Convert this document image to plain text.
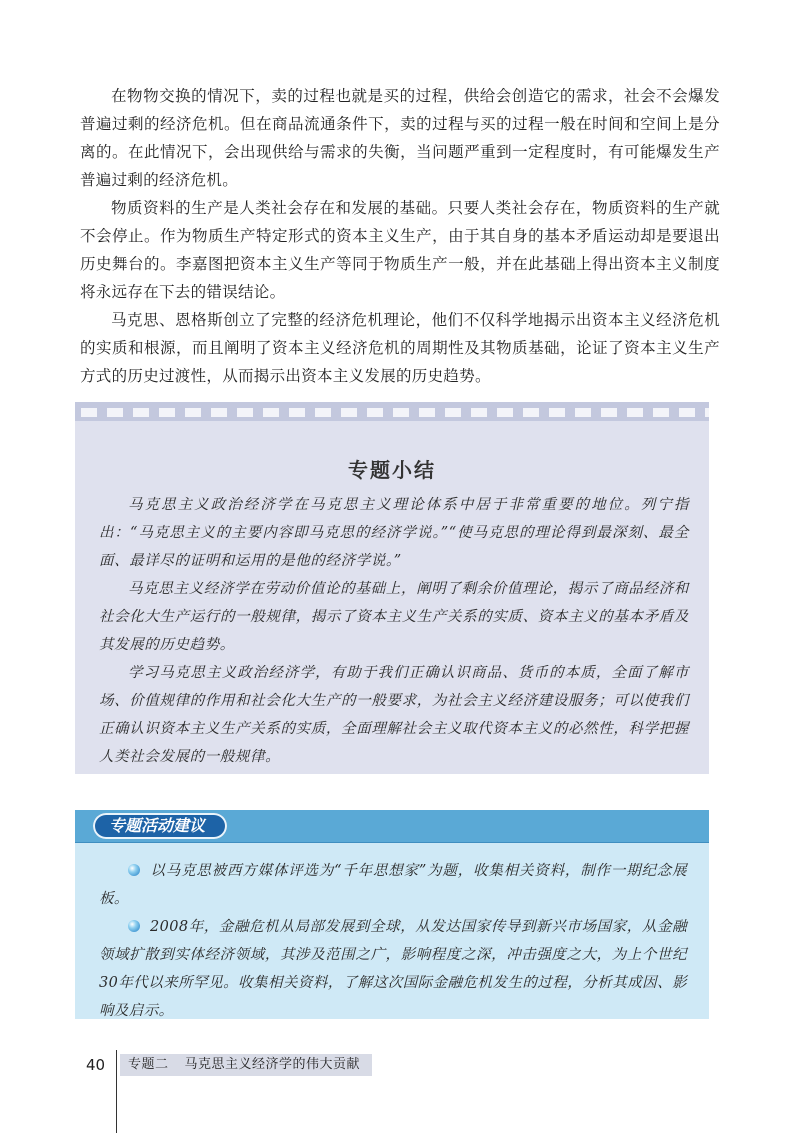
在物物交换的情况下，卖的过程也就是买的过程，供给会创造它的需求，社会不会爆发普遍过剩的经济危机。但在商品流通条件下，卖的过程与买的过程一般在时间和空间上是分离的。在此情况下，会出现供给与需求的失衡，当问题严重到一定程度时，有可能爆发生产普遍过剩的经济危机。

物质资料的生产是人类社会存在和发展的基础。只要人类社会存在，物质资料的生产就不会停止。作为物质生产特定形式的资本主义生产，由于其自身的基本矛盾运动却是要退出历史舞台的。李嘉图把资本主义生产等同于物质生产一般，并在此基础上得出资本主义制度将永远存在下去的错误结论。

马克思、恩格斯创立了完整的经济危机理论，他们不仅科学地揭示出资本主义经济危机的实质和根源，而且阐明了资本主义经济危机的周期性及其物质基础，论证了资本主义生产方式的历史过渡性，从而揭示出资本主义发展的历史趋势。

专题小结

马克思主义政治经济学在马克思主义理论体系中居于非常重要的地位。列宁指出：“马克思主义的主要内容即马克思的经济学说。”“使马克思的理论得到最深刻、最全面、最详尽的证明和运用的是他的经济学说。”

马克思主义经济学在劳动价值论的基础上，阐明了剩余价值理论，揭示了商品经济和社会化大生产运行的一般规律，揭示了资本主义生产关系的实质、资本主义的基本矛盾及其发展的历史趋势。

学习马克思主义政治经济学，有助于我们正确认识商品、货币的本质，全面了解市场、价值规律的作用和社会化大生产的一般要求，为社会主义经济建设服务；可以使我们正确认识资本主义生产关系的实质，全面理解社会主义取代资本主义的必然性，科学把握人类社会发展的一般规律。

专题活动建议

以马克思被西方媒体评选为“千年思想家”为题，收集相关资料，制作一期纪念展板。

2008年，金融危机从局部发展到全球，从发达国家传导到新兴市场国家，从金融领域扩散到实体经济领域，其涉及范围之广，影响程度之深，冲击强度之大，为上个世纪30年代以来所罕见。收集相关资料，了解这次国际金融危机发生的过程，分析其成因、影响及启示。

40	专题二 马克思主义经济学的伟大贡献
